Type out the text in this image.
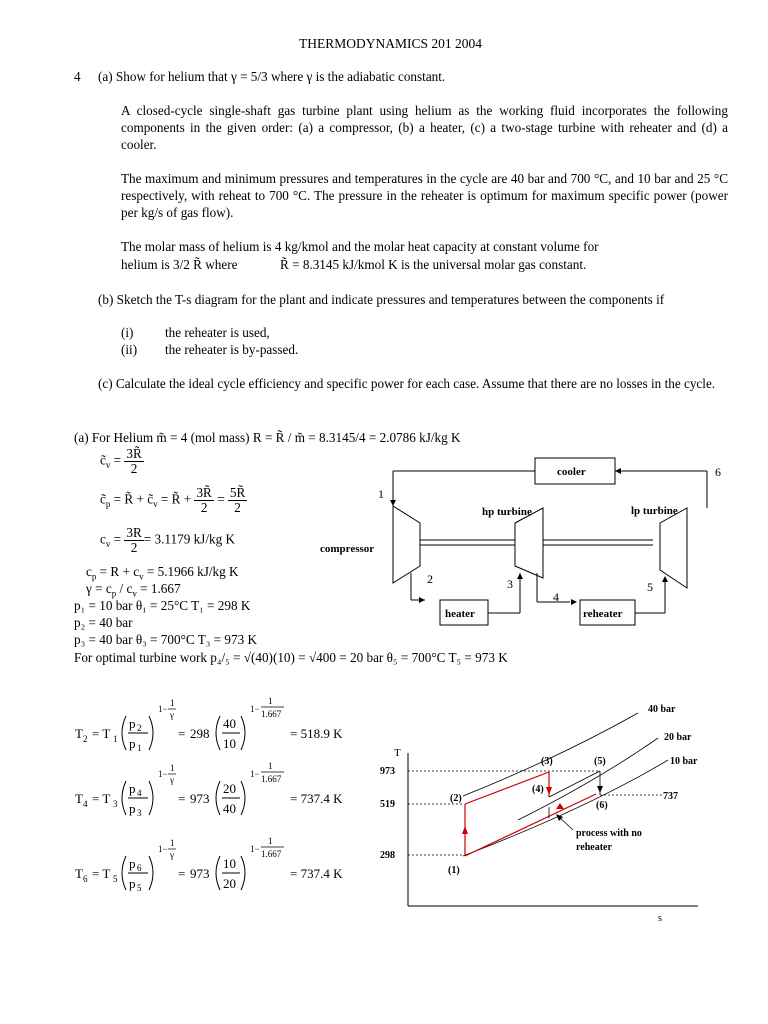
THERMODYNAMICS 201 2004
4 (a) Show for helium that γ = 5/3 where γ is the adiabatic constant.
A closed-cycle single-shaft gas turbine plant using helium as the working fluid incorporates the following components in the given order: (a) a compressor, (b) a heater, (c) a two-stage turbine with reheater and (d) a cooler.
The maximum and minimum pressures and temperatures in the cycle are 40 bar and 700 °C, and 10 bar and 25 °C respectively, with reheat to 700 °C. The pressure in the reheater is optimum for maximum specific power (power per kg/s of gas flow).
The molar mass of helium is 4 kg/kmol and the molar heat capacity at constant volume for
helium is 3/2 R̃ where	R̃ = 8.3145 kJ/kmol K is the universal molar gas constant.
(b) Sketch the T-s diagram for the plant and indicate pressures and temperatures between the components if
(i) the reheater is used,
(ii) the reheater is by-passed.
(c) Calculate the ideal cycle efficiency and specific power for each case. Assume that there are no losses in the cycle.
(a) For Helium m̃ = 4 (mol mass) R = R̃ / m̃ = 8.3145/4 = 2.0786 kJ/kg K
$c̃_v = \frac{3R̃}{2}$
$c̃_p$ = R̃ + $c̃_v$ = R̃ + $\frac{3R̃}{2} = \frac{5R̃}{2}$
$c_v = \frac{3R}{2} = 3.1179$ kJ/kg K
$c_p = R + c_v = 5.1966$ kJ/kg K
$\gamma = c_p / c_v = 1.667$
p₁ = 10 bar θ₁ = 25°C T₁ = 298 K
p₂ = 40 bar
p₃ = 40 bar θ₃ = 700°C T₃ = 973 K
For optimal turbine work p₄/₅ = √(40)(10) = √400 = 20 bar θ₅ = 700°C T₅ = 973 K
T 2 = T 1
p 2
p 1
1−
1
γ
= 298
40
10
1−
1
1.667
= 518.9 K
T 4 = T 3
p 4
p 3
1−
1
γ
= 973
20
40
1−
1
1.667
= 737.4 K
T 6 = T 5
p 6
p 5
1−
1
γ
= 973
10
20
1−
1
1.667
= 737.4 K
cooler
compressor
hp turbine	lp turbine
heater	reheater
1
2	3
4
5
6
T
s
40 bar
20 bar
10 bar
973
519
298
737
(1)
(2)
(3)
(4)
(5)
(6)
process with no
reheater
